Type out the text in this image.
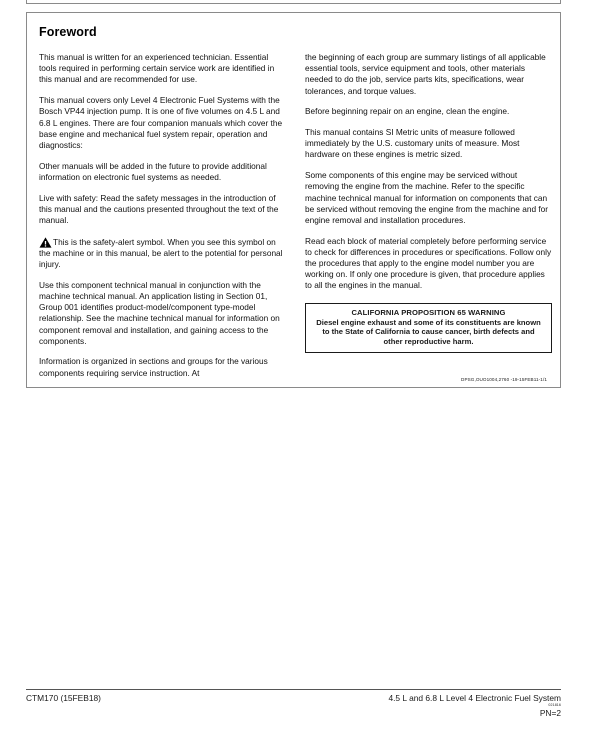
Foreword

This manual is written for an experienced technician. Essential tools required in performing certain service work are identified in this manual and are recommended for use.

This manual covers only Level 4 Electronic Fuel Systems with the Bosch VP44 injection pump. It is one of five volumes on 4.5 L and 6.8 L engines. There are four companion manuals which cover the base engine and mechanical fuel system repair, operation and diagnostics:

Other manuals will be added in the future to provide additional information on electronic fuel systems as needed.

Live with safety: Read the safety messages in the introduction of this manual and the cautions presented throughout the text of the manual.

This is the safety-alert symbol. When you see this symbol on the machine or in this manual, be alert to the potential for personal injury.

Use this component technical manual in conjunction with the machine technical manual. An application listing in Section 01, Group 001 identifies product-model/component type-model relationship. See the machine technical manual for information on component removal and installation, and gaining access to the components.

Information is organized in sections and groups for the various components requiring service instruction. At

the beginning of each group are summary listings of all applicable essential tools, service equipment and tools, other materials needed to do the job, service parts kits, specifications, wear tolerances, and torque values.

Before beginning repair on an engine, clean the engine.

This manual contains SI Metric units of measure followed immediately by the U.S. customary units of measure. Most hardware on these engines is metric sized.

Some components of this engine may be serviced without removing the engine from the machine. Refer to the specific machine technical manual for information on components that can be serviced without removing the engine from the machine and for engine removal and installation procedures.

Read each block of material completely before performing service to check for differences in procedures or specifications. Follow only the procedures that apply to the engine model number you are working on. If only one procedure is given, that procedure applies to all the engines in the manual.

CALIFORNIA PROPOSITION 65 WARNING

Diesel engine exhaust and some of its constituents are known to the State of California to cause cancer, birth defects and other reproductive harm.

DPSG,OUO1004,2760 -19-15FEB11-1/1
CTM170 (15FEB18)	4.5 L and 6.8 L Level 4 Electronic Fuel System
021816
PN=2
